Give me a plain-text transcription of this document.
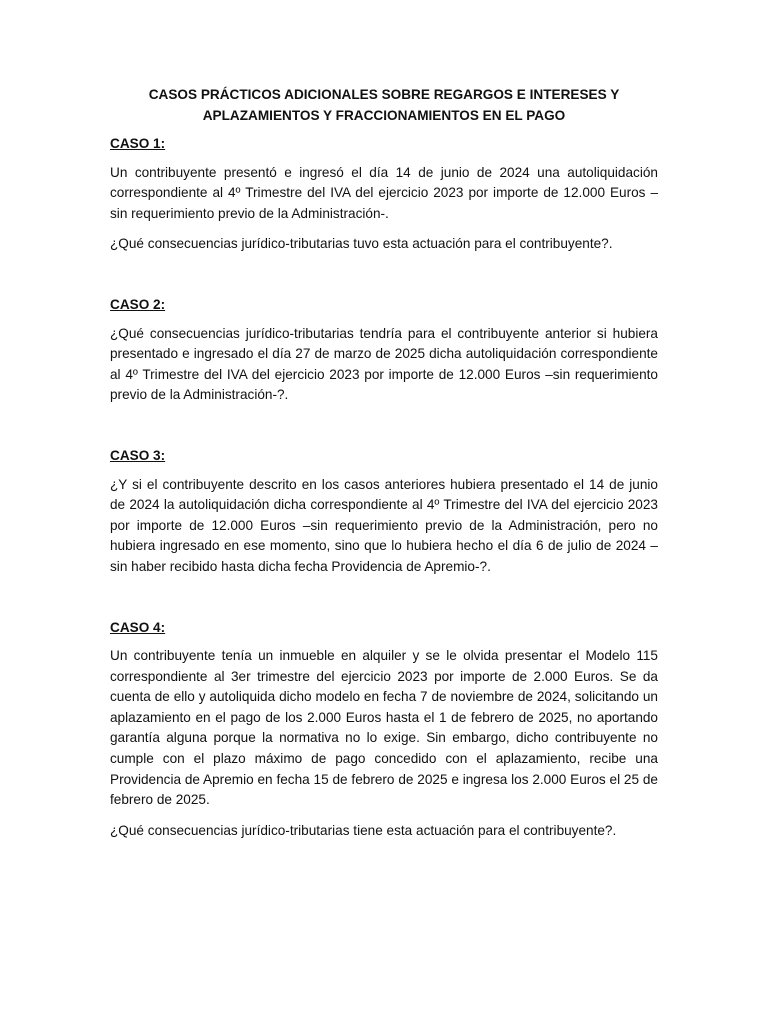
CASOS PRÁCTICOS ADICIONALES SOBRE REGARGOS E INTERESES Y
APLAZAMIENTOS Y FRACCIONAMIENTOS EN EL PAGO
CASO 1:

Un contribuyente presentó e ingresó el día 14 de junio de 2024 una autoliquidación correspondiente al 4º Trimestre del IVA del ejercicio 2023 por importe de 12.000 Euros –sin requerimiento previo de la Administración-.

¿Qué consecuencias jurídico-tributarias tuvo esta actuación para el contribuyente?.

CASO 2:

¿Qué consecuencias jurídico-tributarias tendría para el contribuyente anterior si hubiera presentado e ingresado el día 27 de marzo de 2025 dicha autoliquidación correspondiente al 4º Trimestre del IVA del ejercicio 2023 por importe de 12.000 Euros –sin requerimiento previo de la Administración-?.

CASO 3:

¿Y si el contribuyente descrito en los casos anteriores hubiera presentado el 14 de junio de 2024 la autoliquidación dicha correspondiente al 4º Trimestre del IVA del ejercicio 2023 por importe de 12.000 Euros –sin requerimiento previo de la Administración, pero no hubiera ingresado en ese momento, sino que lo hubiera hecho el día 6 de julio de 2024 –sin haber recibido hasta dicha fecha Providencia de Apremio-?.

CASO 4:

Un contribuyente tenía un inmueble en alquiler y se le olvida presentar el Modelo 115 correspondiente al 3er trimestre del ejercicio 2023 por importe de 2.000 Euros. Se da cuenta de ello y autoliquida dicho modelo en fecha 7 de noviembre de 2024, solicitando un aplazamiento en el pago de los 2.000 Euros hasta el 1 de febrero de 2025, no aportando garantía alguna porque la normativa no lo exige. Sin embargo, dicho contribuyente no cumple con el plazo máximo de pago concedido con el aplazamiento, recibe una Providencia de Apremio en fecha 15 de febrero de 2025 e ingresa los 2.000 Euros el 25 de febrero de 2025.

¿Qué consecuencias jurídico-tributarias tiene esta actuación para el contribuyente?.
